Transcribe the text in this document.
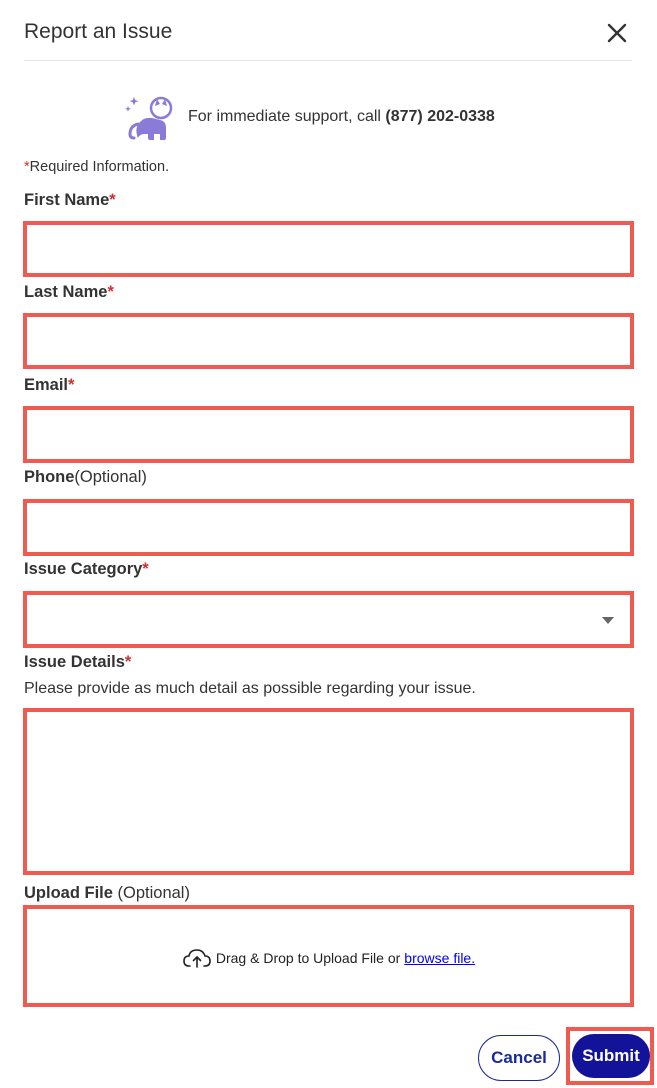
Report an Issue
For immediate support, call (877) 202-0338
*Required Information.
First Name*
Last Name*
Email*
Phone(Optional)
Issue Category*
Issue Details*
Please provide as much detail as possible regarding your issue.
Upload File (Optional)
Drag & Drop to Upload File or browse file.
Cancel	Submit
